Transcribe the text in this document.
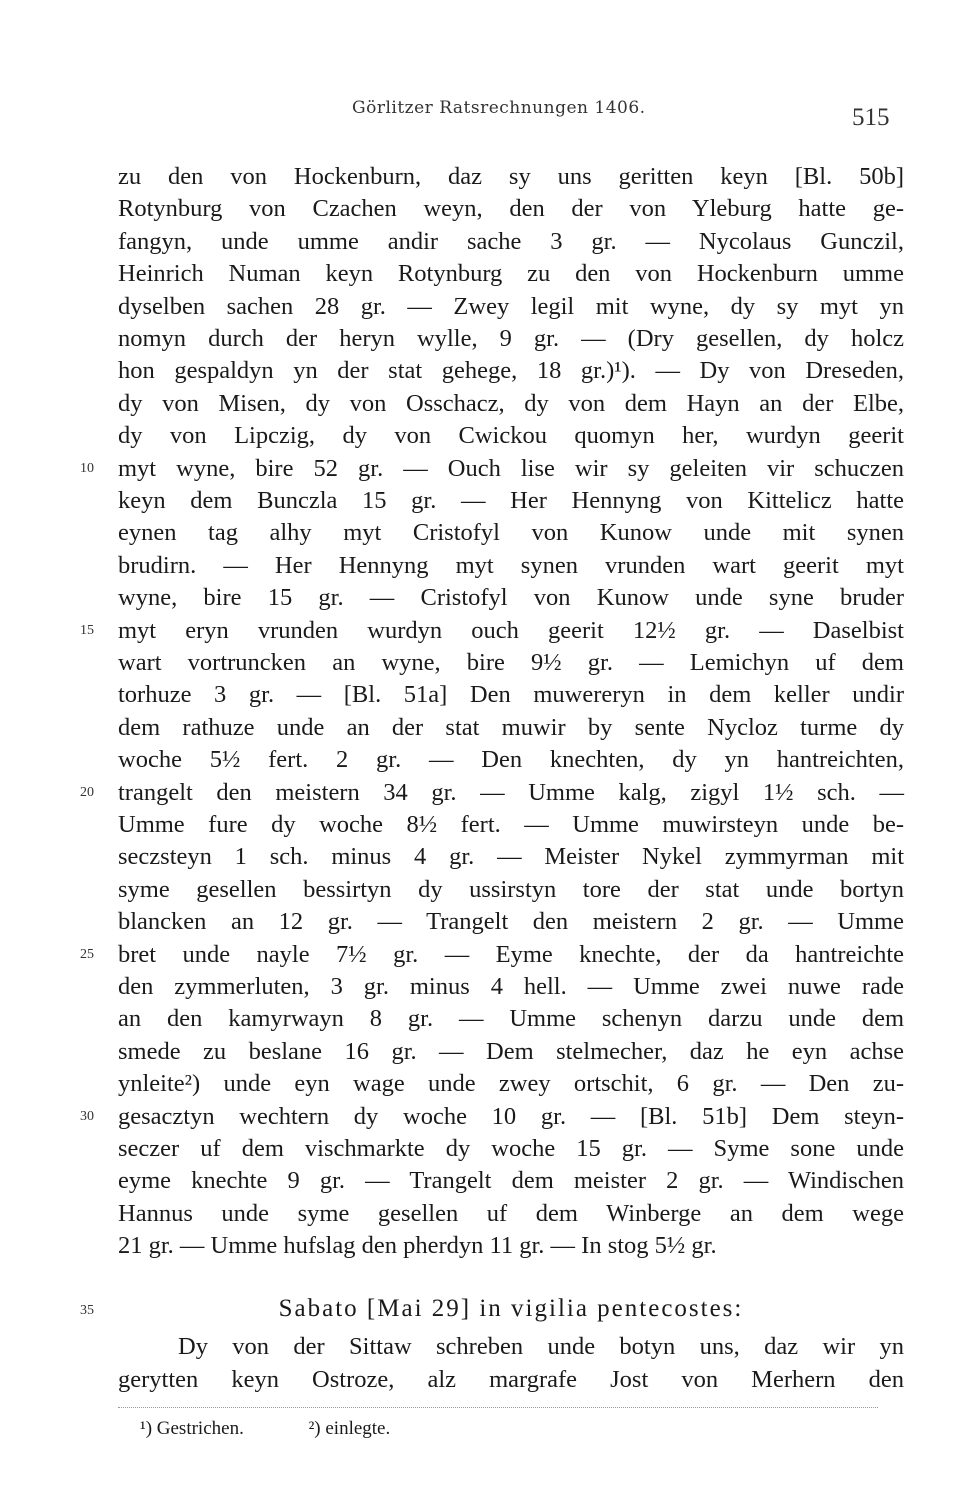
Görlitzer Ratsrechnungen 1406.	515
zu den von Hockenburn, daz sy uns geritten keyn [Bl. 50b]
Rotynburg von Czachen weyn, den der von Yleburg hatte ge-
fangyn, unde umme andir sache 3 gr. — Nycolaus Gunczil,
Heinrich Numan keyn Rotynburg zu den von Hockenburn umme
dyselben sachen 28 gr. — Zwey legil mit wyne, dy sy myt yn
nomyn durch der heryn wylle, 9 gr. — (Dry gesellen, dy holcz
hon gespaldyn yn der stat gehege, 18 gr.)¹). — Dy von Dreseden,
dy von Misen, dy von Osschacz, dy von dem Hayn an der Elbe,
dy von Lipczig, dy von Cwickou quomyn her, wurdyn geerit
myt wyne, bire 52 gr. — Ouch lise wir sy geleiten vir schuczen
keyn dem Bunczla 15 gr. — Her Hennyng von Kittelicz hatte
eynen tag alhy myt Cristofyl von Kunow unde mit synen
brudirn. — Her Hennyng myt synen vrunden wart geerit myt
wyne, bire 15 gr. — Cristofyl von Kunow unde syne bruder
myt eryn vrunden wurdyn ouch geerit 12½ gr. — Daselbist
wart vortruncken an wyne, bire 9½ gr. — Lemichyn uf dem
torhuze 3 gr. — [Bl. 51a] Den muwereryn in dem keller undir
dem rathuze unde an der stat muwir by sente Nycloz turme dy
woche 5½ fert. 2 gr. — Den knechten, dy yn hantreichten,
trangelt den meistern 34 gr. — Umme kalg, zigyl 1½ sch. —
Umme fure dy woche 8½ fert. — Umme muwirsteyn unde be-
seczsteyn 1 sch. minus 4 gr. — Meister Nykel zymmyrman mit
syme gesellen bessirtyn dy ussirstyn tore der stat unde bortyn
blancken an 12 gr. — Trangelt den meistern 2 gr. — Umme
bret unde nayle 7½ gr. — Eyme knechte, der da hantreichte
den zymmerluten, 3 gr. minus 4 hell. — Umme zwei nuwe rade
an den kamyrwayn 8 gr. — Umme schenyn darzu unde dem
smede zu beslane 16 gr. — Dem stelmecher, daz he eyn achse
ynleite²) unde eyn wage unde zwey ortschit, 6 gr. — Den zu-
gesacztyn wechtern dy woche 10 gr. — [Bl. 51b] Dem steyn-
seczer uf dem vischmarkte dy woche 15 gr. — Syme sone unde
eyme knechte 9 gr. — Trangelt dem meister 2 gr. — Windischen
Hannus unde syme gesellen uf dem Winberge an dem wege
21 gr. — Umme hufslag den pherdyn 11 gr. — In stog 5½ gr.
10
15
20
25
30
35	Sabato [Mai 29] in vigilia pentecostes:
Dy von der Sittaw schreben unde botyn uns, daz wir yn
gerytten keyn Ostroze, alz margrafe Jost von Merhern den
¹) Gestrichen.	²) einlegte.
